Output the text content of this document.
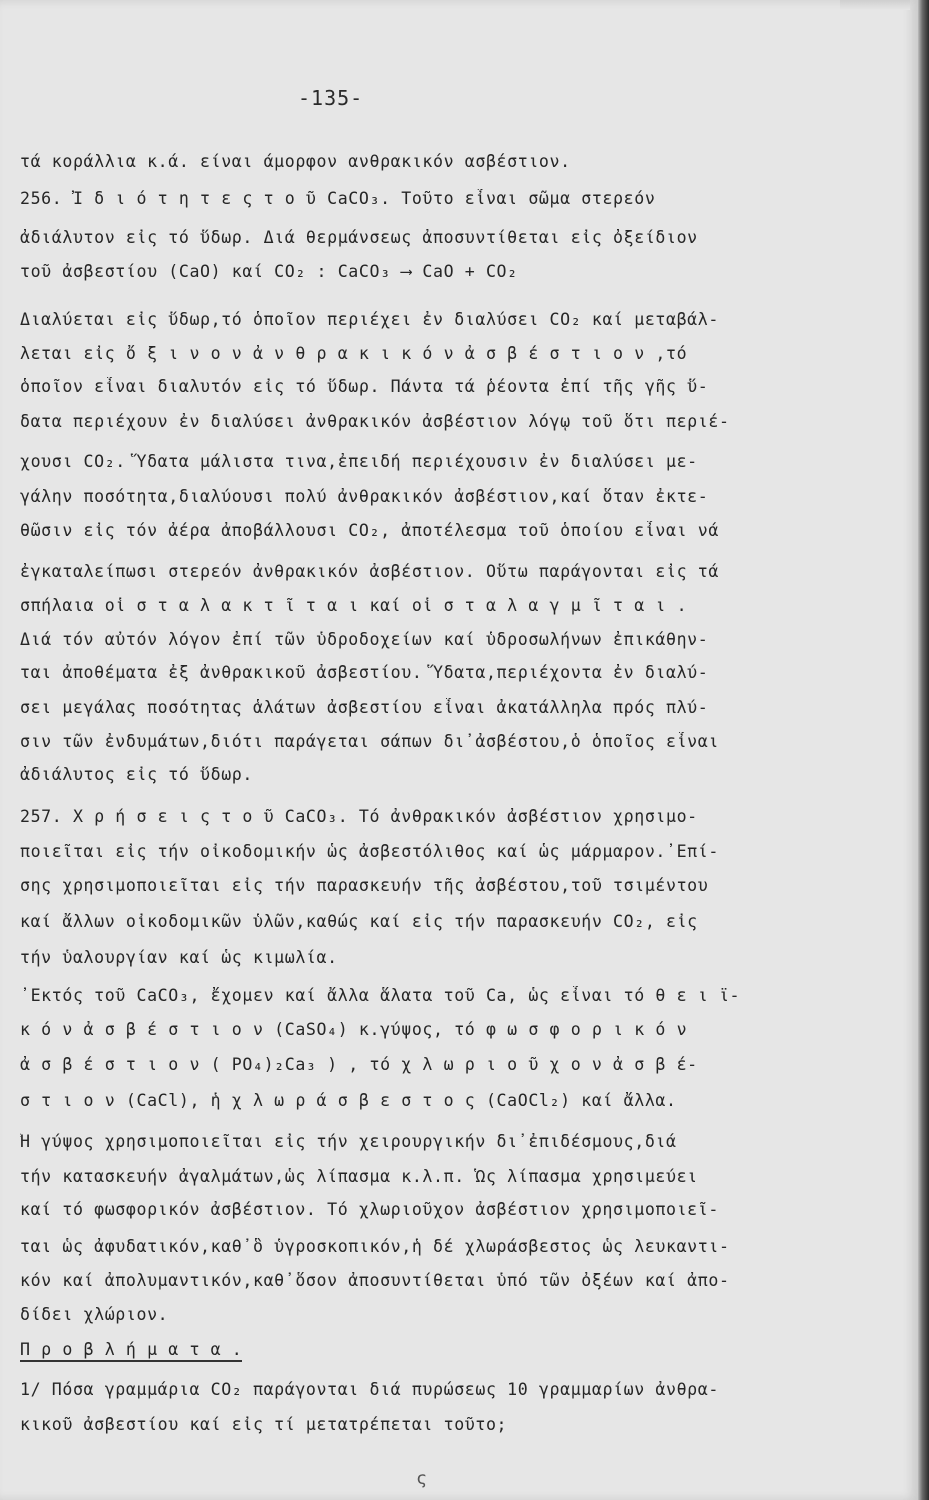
-135-
τά κοράλλια κ.ά. είναι άμορφον ανθρακικόν ασβέστιον.
256. Ἰ δ ι ό τ η τ ε ς τ ο ῦ CaCO₃. Τοῦτο εἶναι σῶμα στερεόν
ἀδιάλυτον εἰς τό ὕδωρ. Διά θερμάνσεως ἀποσυντίθεται εἰς ὀξείδιον
τοῦ ἀσβεστίου (CaO) καί CO₂ : CaCO₃ ⟶ CaO + CO₂
Διαλύεται εἰς ὕδωρ,τό ὁποῖον περιέχει ἐν διαλύσει CO₂ καί μεταβάλ-
λεται εἰς ὄ ξ ι ν ο ν ἀ ν θ ρ α κ ι κ ό ν ἀ σ β έ σ τ ι ο ν ,τό
ὁποῖον εἶναι διαλυτόν εἰς τό ὕδωρ. Πάντα τά ῥέοντα ἐπί τῆς γῆς ὕ-
δατα περιέχουν ἐν διαλύσει ἀνθρακικόν ἀσβέστιον λόγῳ τοῦ ὅτι περιέ-
χουσι CO₂. Ὕδατα μάλιστα τινα,ἐπειδή περιέχουσιν ἐν διαλύσει με-
γάλην ποσότητα,διαλύουσι πολύ ἀνθρακικόν ἀσβέστιον,καί ὅταν ἐκτε-
θῶσιν εἰς τόν ἀέρα ἀποβάλλουσι CO₂, ἀποτέλεσμα τοῦ ὁποίου εἶναι νά
ἐγκαταλείπωσι στερεόν ἀνθρακικόν ἀσβέστιον. Οὕτω παράγονται εἰς τά
σπήλαια οἱ σ τ α λ α κ τ ῖ τ α ι καί οἱ σ τ α λ α γ μ ῖ τ α ι .
Διά τόν αὐτόν λόγον ἐπί τῶν ὑδροδοχείων καί ὑδροσωλήνων ἐπικάθην-
ται ἀποθέματα ἐξ ἀνθρακικοῦ ἀσβεστίου. Ὕδατα,περιέχοντα ἐν διαλύ-
σει μεγάλας ποσότητας ἁλάτων ἀσβεστίου εἶναι ἀκατάλληλα πρός πλύ-
σιν τῶν ἐνδυμάτων,διότι παράγεται σάπων δι᾽ἀσβέστου,ὁ ὁποῖος εἶναι
ἀδιάλυτος εἰς τό ὕδωρ.
257. Χ ρ ή σ ε ι ς τ ο ῦ CaCO₃. Τό ἀνθρακικόν ἀσβέστιον χρησιμο-
ποιεῖται εἰς τήν οἰκοδομικήν ὡς ἀσβεστόλιθος καί ὡς μάρμαρον.᾽Επί-
σης χρησιμοποιεῖται εἰς τήν παρασκευήν τῆς ἀσβέστου,τοῦ τσιμέντου
καί ἄλλων οἰκοδομικῶν ὑλῶν,καθώς καί εἰς τήν παρασκευήν CO₂, εἰς
τήν ὑαλουργίαν καί ὡς κιμωλία.
᾽Εκτός τοῦ CaCO₃, ἔχομεν καί ἄλλα ἅλατα τοῦ Ca, ὡς εἶναι τό θ ε ι ϊ-
κ ό ν ἀ σ β έ σ τ ι ο ν (CaSO₄) κ.γύψος, τό φ ω σ φ ο ρ ι κ ό ν
ἀ σ β έ σ τ ι ο ν ( PO₄)₂Ca₃ ) , τό χ λ ω ρ ι ο ῦ χ ο ν ἀ σ β έ-
σ τ ι ο ν (CaCl), ἡ χ λ ω ρ ά σ β ε σ τ ο ς (CaOCl₂) καί ἄλλα.
Ἡ γύψος χρησιμοποιεῖται εἰς τήν χειρουργικήν δι᾽ἐπιδέσμους,διά
τήν κατασκευήν ἀγαλμάτων,ὡς λίπασμα κ.λ.π. Ὡς λίπασμα χρησιμεύει
καί τό φωσφορικόν ἀσβέστιον. Τό χλωριοῦχον ἀσβέστιον χρησιμοποιεῖ-
ται ὡς ἀφυδατικόν,καθ᾽ὃ ὑγροσκοπικόν,ἡ δέ χλωράσβεστος ὡς λευκαντι-
κόν καί ἀπολυμαντικόν,καθ᾽ὅσον ἀποσυντίθεται ὑπό τῶν ὀξέων καί ἀπο-
δίδει χλώριον.
Π ρ ο β λ ή μ α τ α .
1/ Πόσα γραμμάρια CO₂ παράγονται διά πυρώσεως 10 γραμμαρίων ἀνθρα-
κικοῦ ἀσβεστίου καί εἰς τί μετατρέπεται τοῦτο;
ς
